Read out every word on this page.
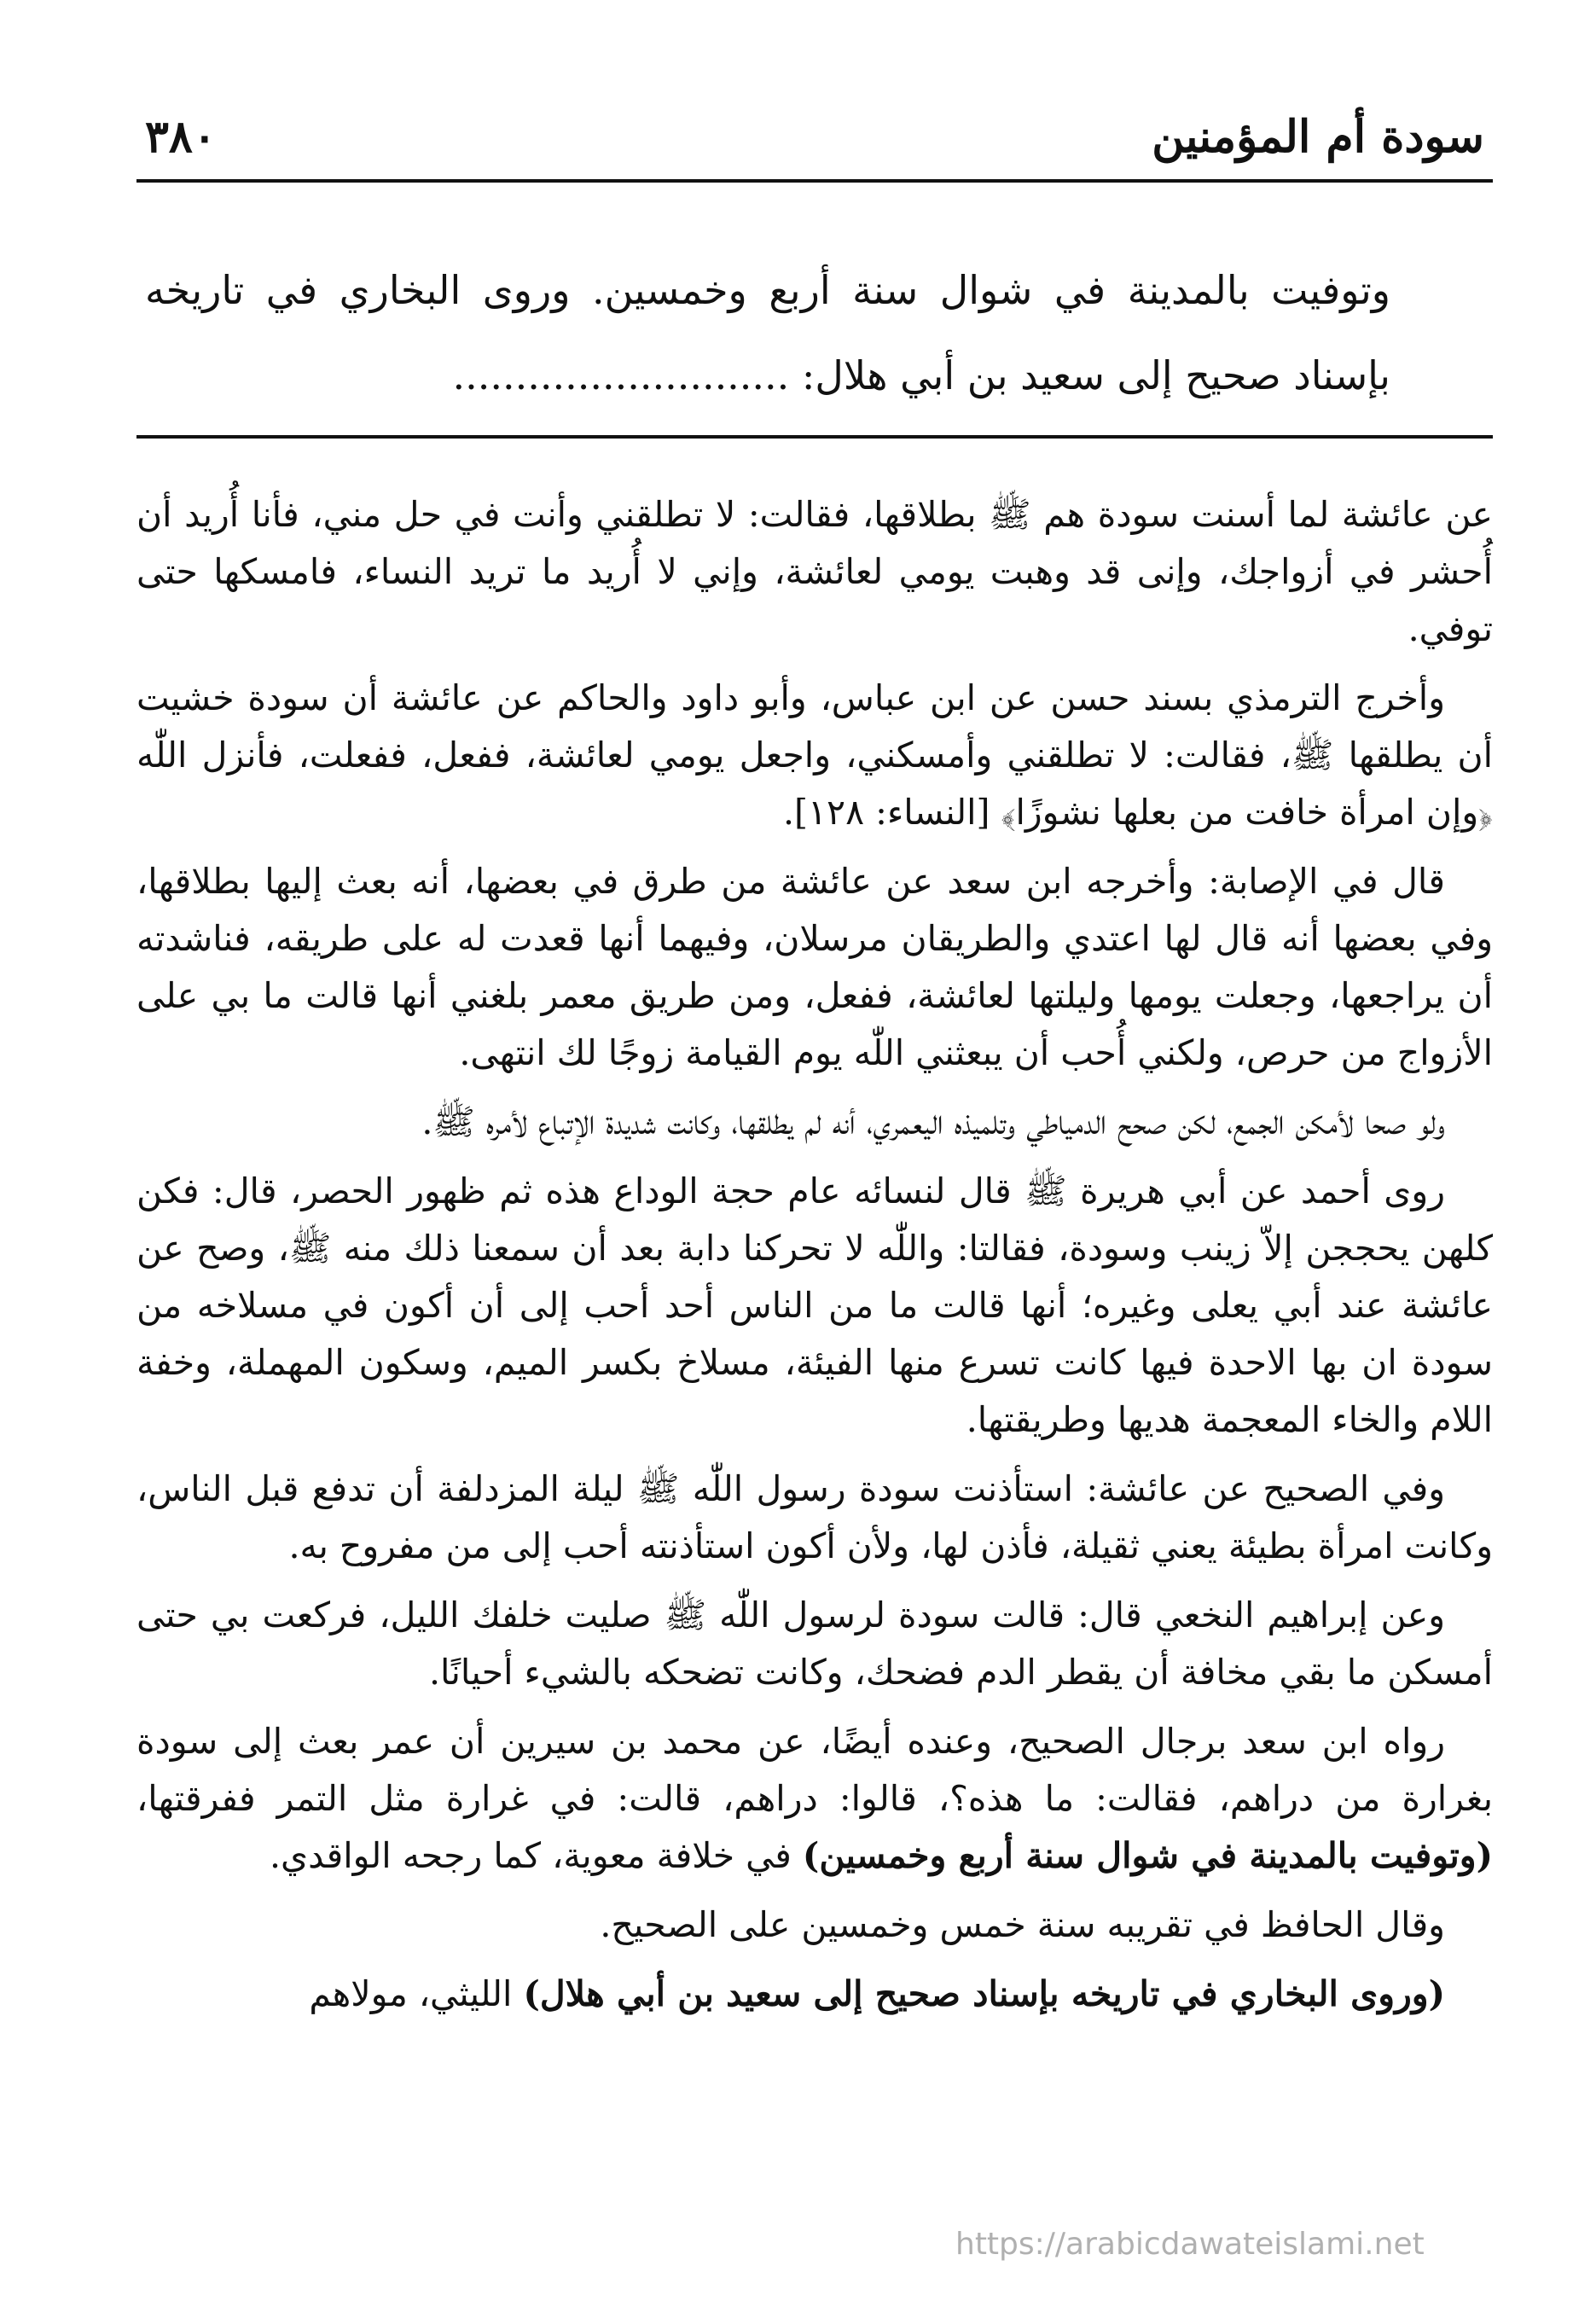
٣٨٠	سودة أم المؤمنين
وتوفيت بالمدينة في شوال سنة أربع وخمسين. وروى البخاري في تاريخه بإسناد صحيح إلى سعيد بن أبي هلال: ...........................

عن عائشة لما أسنت سودة هم ﷺ بطلاقها، فقالت: لا تطلقني وأنت في حل مني، فأنا أُريد أن أُحشر في أزواجك، وإنى قد وهبت يومي لعائشة، وإني لا أُريد ما تريد النساء، فامسكها حتى توفي.

وأخرج الترمذي بسند حسن عن ابن عباس، وأبو داود والحاكم عن عائشة أن سودة خشيت أن يطلقها ﷺ، فقالت: لا تطلقني وأمسكني، واجعل يومي لعائشة، ففعل، ففعلت، فأنزل اللّٰه ﴿وإن امرأة خافت من بعلها نشوزًا﴾ [النساء: ١٢٨].

قال في الإصابة: وأخرجه ابن سعد عن عائشة من طرق في بعضها، أنه بعث إليها بطلاقها، وفي بعضها أنه قال لها اعتدي والطريقان مرسلان، وفيهما أنها قعدت له على طريقه، فناشدته أن يراجعها، وجعلت يومها وليلتها لعائشة، ففعل، ومن طريق معمر بلغني أنها قالت ما بي على الأزواج من حرص، ولكني أُحب أن يبعثني اللّٰه يوم القيامة زوجًا لك انتهى.

ولو صحا لأمكن الجمع، لكن صحح الدمياطي وتلميذه اليعمري، أنه لم يطلقها، وكانت شديدة الإتباع لأمره ﷺ.

روى أحمد عن أبي هريرة ﷺ قال لنسائه عام حجة الوداع هذه ثم ظهور الحصر، قال: فكن كلهن يحججن إلاّ زينب وسودة، فقالتا: واللّٰه لا تحركنا دابة بعد أن سمعنا ذلك منه ﷺ، وصح عن عائشة عند أبي يعلى وغيره؛ أنها قالت ما من الناس أحد أحب إلى أن أكون في مسلاخه من سودة ان بها الاحدة فيها كانت تسرع منها الفيئة، مسلاخ بكسر الميم، وسكون المهملة، وخفة اللام والخاء المعجمة هديها وطريقتها.

وفي الصحيح عن عائشة: استأذنت سودة رسول اللّٰه ﷺ ليلة المزدلفة أن تدفع قبل الناس، وكانت امرأة بطيئة يعني ثقيلة، فأذن لها، ولأن أكون استأذنته أحب إلى من مفروح به.

وعن إبراهيم النخعي قال: قالت سودة لرسول اللّٰه ﷺ صليت خلفك الليل، فركعت بي حتى أمسكن ما بقي مخافة أن يقطر الدم فضحك، وكانت تضحكه بالشيء أحيانًا.

رواه ابن سعد برجال الصحيح، وعنده أيضًا، عن محمد بن سيرين أن عمر بعث إلى سودة بغرارة من دراهم، فقالت: ما هذه؟، قالوا: دراهم، قالت: في غرارة مثل التمر ففرقتها، (وتوفيت بالمدينة في شوال سنة أربع وخمسين) في خلافة معوية، كما رجحه الواقدي.

وقال الحافظ في تقريبه سنة خمس وخمسين على الصحيح.

(وروى البخاري في تاريخه بإسناد صحيح إلى سعيد بن أبي هلال) الليثي، مولاهم

https://arabicdawateislami.net
